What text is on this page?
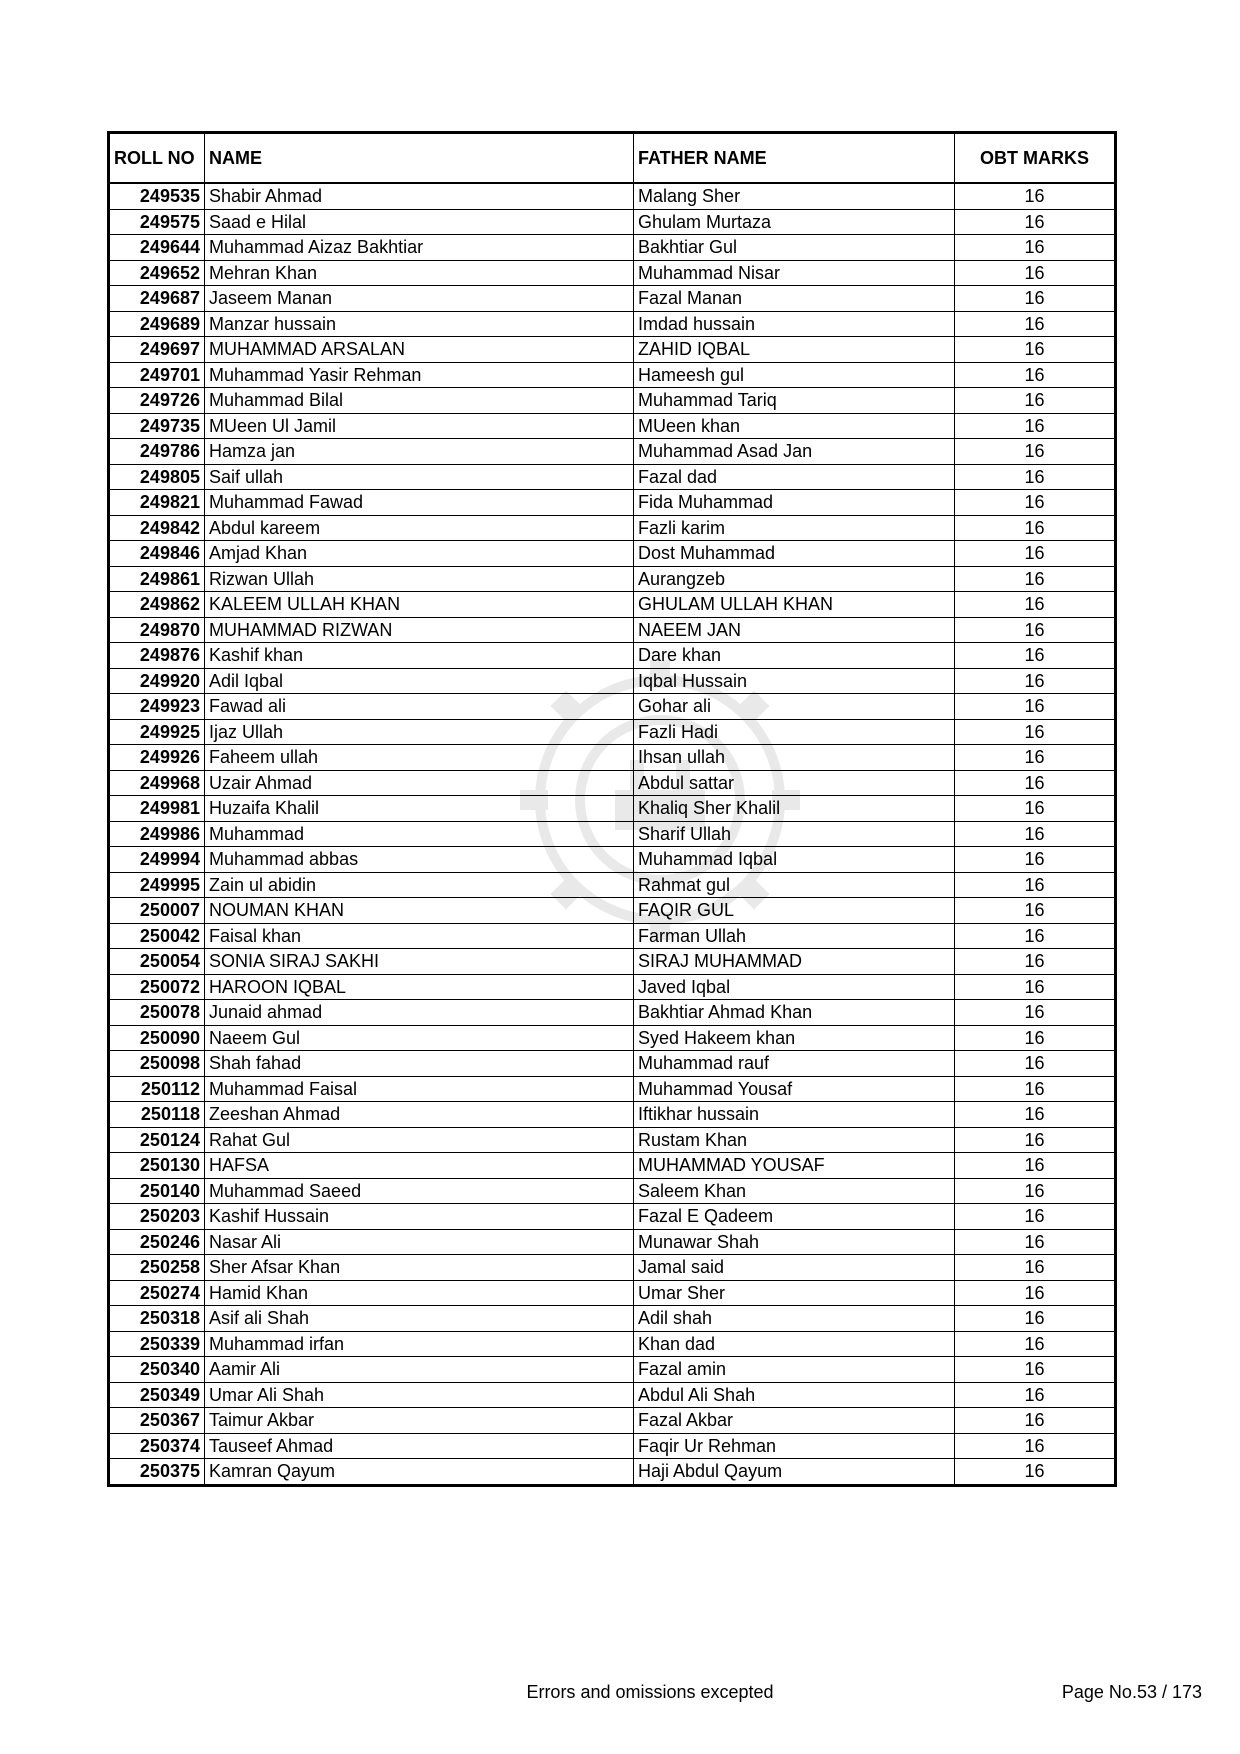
ROLL NO	NAME	FATHER NAME	OBT MARKS
249535	Shabir Ahmad	Malang Sher	16
249575	Saad e Hilal	Ghulam Murtaza	16
249644	Muhammad Aizaz Bakhtiar	Bakhtiar Gul	16
249652	Mehran Khan	Muhammad Nisar	16
249687	Jaseem Manan	Fazal Manan	16
249689	Manzar hussain	Imdad hussain	16
249697	MUHAMMAD ARSALAN	ZAHID IQBAL	16
249701	Muhammad Yasir Rehman	Hameesh gul	16
249726	Muhammad Bilal	Muhammad Tariq	16
249735	MUeen Ul Jamil	MUeen khan	16
249786	Hamza jan	Muhammad Asad Jan	16
249805	Saif ullah	Fazal dad	16
249821	Muhammad Fawad	Fida Muhammad	16
249842	Abdul kareem	Fazli karim	16
249846	Amjad Khan	Dost Muhammad	16
249861	Rizwan Ullah	Aurangzeb	16
249862	KALEEM ULLAH KHAN	GHULAM ULLAH KHAN	16
249870	MUHAMMAD RIZWAN	NAEEM JAN	16
249876	Kashif khan	Dare khan	16
249920	Adil Iqbal	Iqbal Hussain	16
249923	Fawad ali	Gohar ali	16
249925	Ijaz Ullah	Fazli Hadi	16
249926	Faheem ullah	Ihsan ullah	16
249968	Uzair Ahmad	Abdul sattar	16
249981	Huzaifa Khalil	Khaliq Sher Khalil	16
249986	Muhammad	Sharif Ullah	16
249994	Muhammad abbas	Muhammad Iqbal	16
249995	Zain ul abidin	Rahmat gul	16
250007	NOUMAN KHAN	FAQIR GUL	16
250042	Faisal khan	Farman Ullah	16
250054	SONIA SIRAJ SAKHI	SIRAJ MUHAMMAD	16
250072	HAROON IQBAL	Javed Iqbal	16
250078	Junaid ahmad	Bakhtiar Ahmad Khan	16
250090	Naeem Gul	Syed Hakeem khan	16
250098	Shah fahad	Muhammad rauf	16
250112	Muhammad Faisal	Muhammad Yousaf	16
250118	Zeeshan Ahmad	Iftikhar hussain	16
250124	Rahat Gul	Rustam Khan	16
250130	HAFSA	MUHAMMAD YOUSAF	16
250140	Muhammad Saeed	Saleem Khan	16
250203	Kashif Hussain	Fazal E Qadeem	16
250246	Nasar Ali	Munawar Shah	16
250258	Sher Afsar Khan	Jamal said	16
250274	Hamid Khan	Umar Sher	16
250318	Asif ali Shah	Adil shah	16
250339	Muhammad irfan	Khan dad	16
250340	Aamir Ali	Fazal amin	16
250349	Umar Ali Shah	Abdul Ali Shah	16
250367	Taimur Akbar	Fazal Akbar	16
250374	Tauseef Ahmad	Faqir Ur Rehman	16
250375	Kamran Qayum	Haji Abdul Qayum	16
Errors and omissions excepted	Page No.53 / 173
